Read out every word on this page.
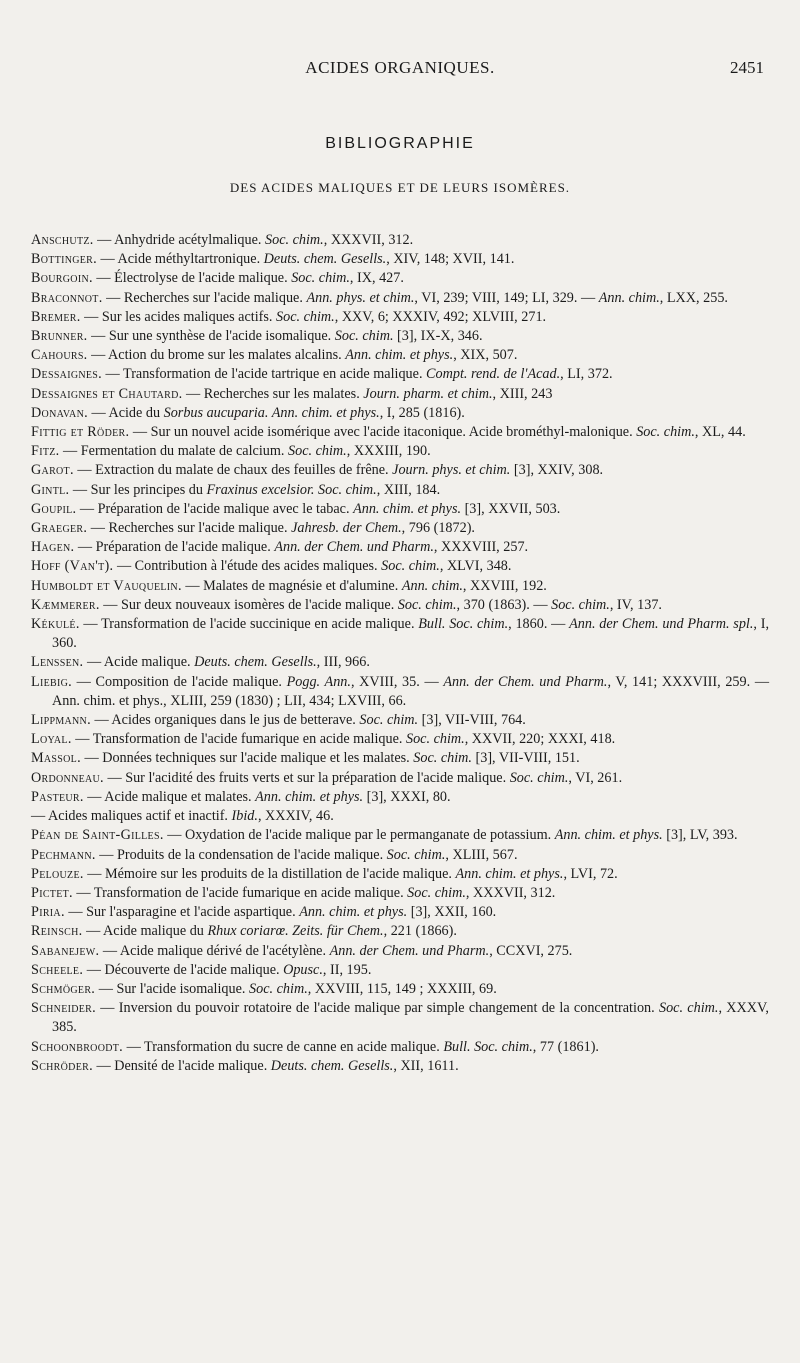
ACIDES ORGANIQUES.	2451
BIBLIOGRAPHIE
DES ACIDES MALIQUES ET DE LEURS ISOMÈRES.

Anschutz. — Anhydride acétylmalique. Soc. chim., XXXVII, 312.

Bottinger. — Acide méthyltartronique. Deuts. chem. Gesells., XIV, 148; XVII, 141.

Bourgoin. — Électrolyse de l'acide malique. Soc. chim., IX, 427.

Braconnot. — Recherches sur l'acide malique. Ann. phys. et chim., VI, 239; VIII, 149; LI, 329. — Ann. chim., LXX, 255.

Bremer. — Sur les acides maliques actifs. Soc. chim., XXV, 6; XXXIV, 492; XLVIII, 271.

Brunner. — Sur une synthèse de l'acide isomalique. Soc. chim. [3], IX-X, 346.

Cahours. — Action du brome sur les malates alcalins. Ann. chim. et phys., XIX, 507.

Dessaignes. — Transformation de l'acide tartrique en acide malique. Compt. rend. de l'Acad., LI, 372.

Dessaignes et Chautard. — Recherches sur les malates. Journ. pharm. et chim., XIII, 243

Donavan. — Acide du Sorbus aucuparia. Ann. chim. et phys., I, 285 (1816).

Fittig et Röder. — Sur un nouvel acide isomérique avec l'acide itaconique. Acide brométhyl-malonique. Soc. chim., XL, 44.

Fitz. — Fermentation du malate de calcium. Soc. chim., XXXIII, 190.

Garot. — Extraction du malate de chaux des feuilles de frêne. Journ. phys. et chim. [3], XXIV, 308.

Gintl. — Sur les principes du Fraxinus excelsior. Soc. chim., XIII, 184.

Goupil. — Préparation de l'acide malique avec le tabac. Ann. chim. et phys. [3], XXVII, 503.

Graeger. — Recherches sur l'acide malique. Jahresb. der Chem., 796 (1872).

Hagen. — Préparation de l'acide malique. Ann. der Chem. und Pharm., XXXVIII, 257.

Hoff (Van't). — Contribution à l'étude des acides maliques. Soc. chim., XLVI, 348.

Humboldt et Vauquelin. — Malates de magnésie et d'alumine. Ann. chim., XXVIII, 192.

Kæmmerer. — Sur deux nouveaux isomères de l'acide malique. Soc. chim., 370 (1863). — Soc. chim., IV, 137.

Kékulé. — Transformation de l'acide succinique en acide malique. Bull. Soc. chim., 1860. — Ann. der Chem. und Pharm. spl., I, 360.

Lenssen. — Acide malique. Deuts. chem. Gesells., III, 966.

Liebig. — Composition de l'acide malique. Pogg. Ann., XVIII, 35. — Ann. der Chem. und Pharm., V, 141; XXXVIII, 259. — Ann. chim. et phys., XLIII, 259 (1830) ; LII, 434; LXVIII, 66.

Lippmann. — Acides organiques dans le jus de betterave. Soc. chim. [3], VII-VIII, 764.

Loyal. — Transformation de l'acide fumarique en acide malique. Soc. chim., XXVII, 220; XXXI, 418.

Massol. — Données techniques sur l'acide malique et les malates. Soc. chim. [3], VII-VIII, 151.

Ordonneau. — Sur l'acidité des fruits verts et sur la préparation de l'acide malique. Soc. chim., VI, 261.

Pasteur. — Acide malique et malates. Ann. chim. et phys. [3], XXXI, 80.

— Acides maliques actif et inactif. Ibid., XXXIV, 46.

Péan de Saint-Gilles. — Oxydation de l'acide malique par le permanganate de potassium. Ann. chim. et phys. [3], LV, 393.

Pechmann. — Produits de la condensation de l'acide malique. Soc. chim., XLIII, 567.

Pelouze. — Mémoire sur les produits de la distillation de l'acide malique. Ann. chim. et phys., LVI, 72.

Pictet. — Transformation de l'acide fumarique en acide malique. Soc. chim., XXXVII, 312.

Piria. — Sur l'asparagine et l'acide aspartique. Ann. chim. et phys. [3], XXII, 160.

Reinsch. — Acide malique du Rhux coriarœ. Zeits. für Chem., 221 (1866).

Sabanejew. — Acide malique dérivé de l'acétylène. Ann. der Chem. und Pharm., CCXVI, 275.

Scheele. — Découverte de l'acide malique. Opusc., II, 195.

Schmöger. — Sur l'acide isomalique. Soc. chim., XXVIII, 115, 149 ; XXXIII, 69.

Schneider. — Inversion du pouvoir rotatoire de l'acide malique par simple changement de la concentration. Soc. chim., XXXV, 385.

Schoonbroodt. — Transformation du sucre de canne en acide malique. Bull. Soc. chim., 77 (1861).

Schröder. — Densité de l'acide malique. Deuts. chem. Gesells., XII, 1611.
